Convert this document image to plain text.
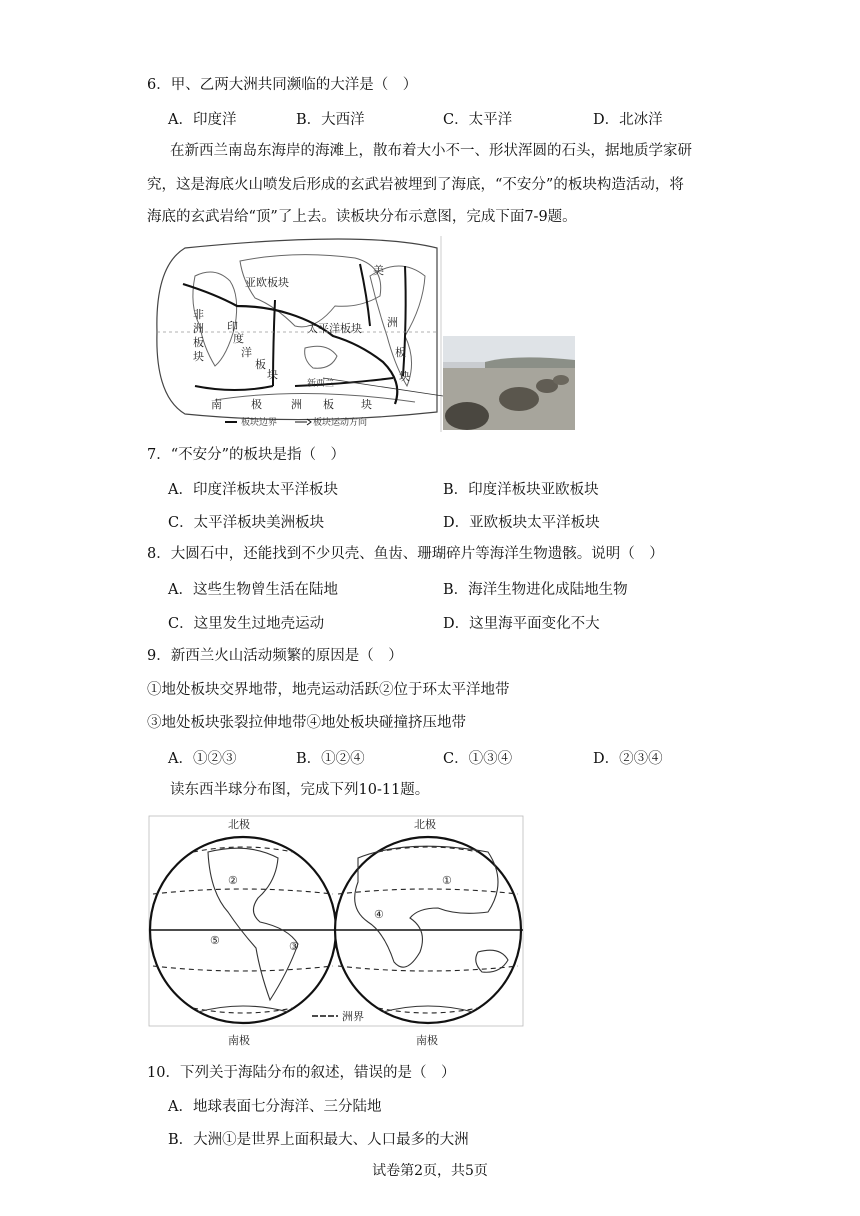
6．甲、乙两大洲共同濒临的大洋是（　）
A．印度洋	B．大西洋	C．太平洋	D．北冰洋
在新西兰南岛东海岸的海滩上，散布着大小不一、形状浑圆的石头，据地质学家研
究，这是海底火山喷发后形成的玄武岩被埋到了海底，“不安分”的板块构造活动，将
海底的玄武岩给“顶”了上去。读板块分布示意图，完成下面7-9题。
亚欧板块
美
洲
板
块
非
洲
板
块
印
度
洋
板
块
太平洋板块
新西兰
南	极	洲 板 块
板块边界	板块运动方向
7．“不安分”的板块是指（　）
A．印度洋板块太平洋板块	B．印度洋板块亚欧板块
C．太平洋板块美洲板块	D．亚欧板块太平洋板块
8．大圆石中，还能找到不少贝壳、鱼齿、珊瑚碎片等海洋生物遗骸。说明（　）
A．这些生物曾生活在陆地	B．海洋生物进化成陆地生物
C．这里发生过地壳运动	D．这里海平面变化不大
9．新西兰火山活动频繁的原因是（　）
①地处板块交界地带，地壳运动活跃②位于环太平洋地带
③地处板块张裂拉伸地带④地处板块碰撞挤压地带
A．①②③	B．①②④	C．①③④	D．②③④
读东西半球分布图，完成下列10-11题。
北极	北极
南极	南极
①
②
③
④
⑤
洲界
10．下列关于海陆分布的叙述，错误的是（　）
A．地球表面七分海洋、三分陆地
B．大洲①是世界上面积最大、人口最多的大洲
试卷第2页，共5页
